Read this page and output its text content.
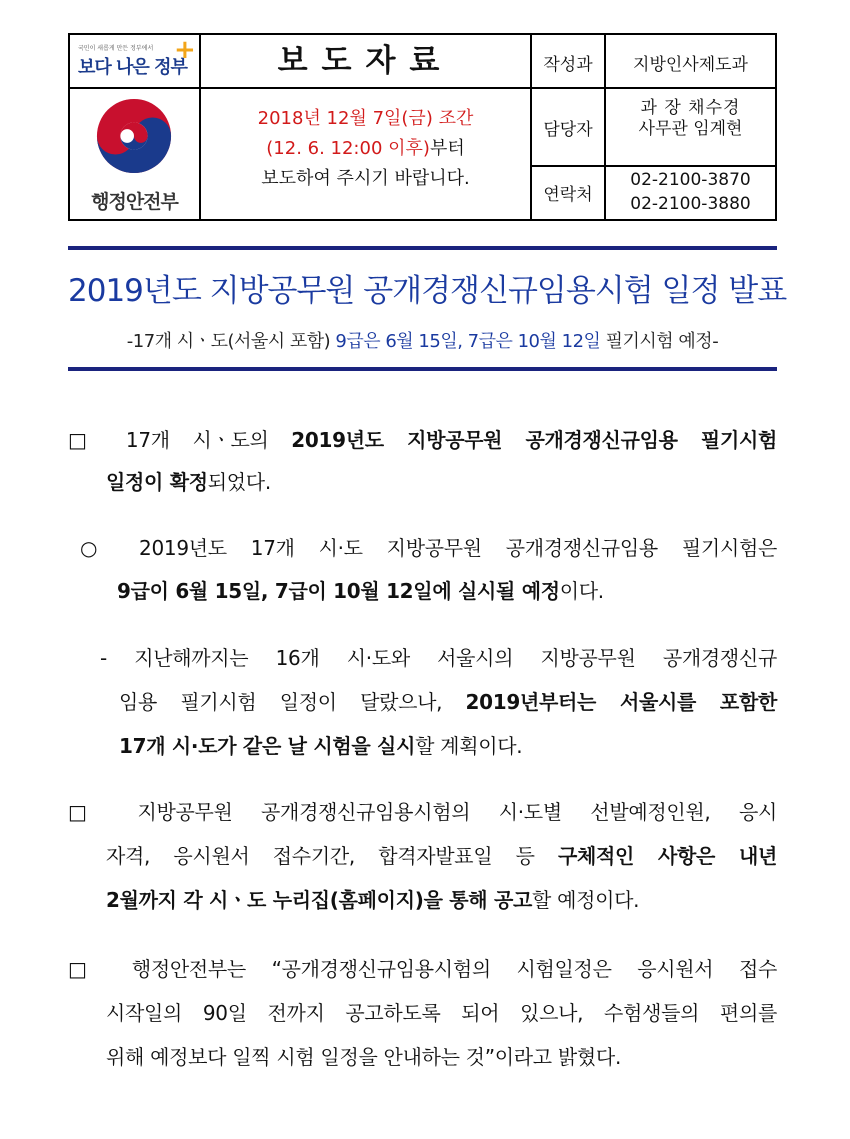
국민이 새롭게 만든 정부에서
보다 나은 정부
+
행정안전부
보도자료
2018년 12월 7일(금) 조간
(12. 6. 12:00 이후)부터
보도하여 주시기 바랍니다.
작성과	지방인사제도과
담당자
과 장 채수경
사무관 임계현
연락처
02-2100-3870
02-2100-3880
2019년도 지방공무원 공개경쟁신규임용시험 일정 발표
-17개 시ㆍ도(서울시 포함) 9급은 6월 15일, 7급은 10월 12일 필기시험 예정-
□ 17개 시ㆍ도의 2019년도 지방공무원 공개경쟁신규임용 필기시험
일정이 확정되었다.
○ 2019년도 17개 시·도 지방공무원 공개경쟁신규임용 필기시험은
9급이 6월 15일, 7급이 10월 12일에 실시될 예정이다.
- 지난해까지는 16개 시·도와 서울시의 지방공무원 공개경쟁신규
임용 필기시험 일정이 달랐으나, 2019년부터는 서울시를 포함한
17개 시·도가 같은 날 시험을 실시할 계획이다.
□ 지방공무원 공개경쟁신규임용시험의 시·도별 선발예정인원, 응시
자격, 응시원서 접수기간, 합격자발표일 등 구체적인 사항은 내년
2월까지 각 시ㆍ도 누리집(홈페이지)을 통해 공고할 예정이다.
□ 행정안전부는 “공개경쟁신규임용시험의 시험일정은 응시원서 접수
시작일의 90일 전까지 공고하도록 되어 있으나, 수험생들의 편의를
위해 예정보다 일찍 시험 일정을 안내하는 것”이라고 밝혔다.
